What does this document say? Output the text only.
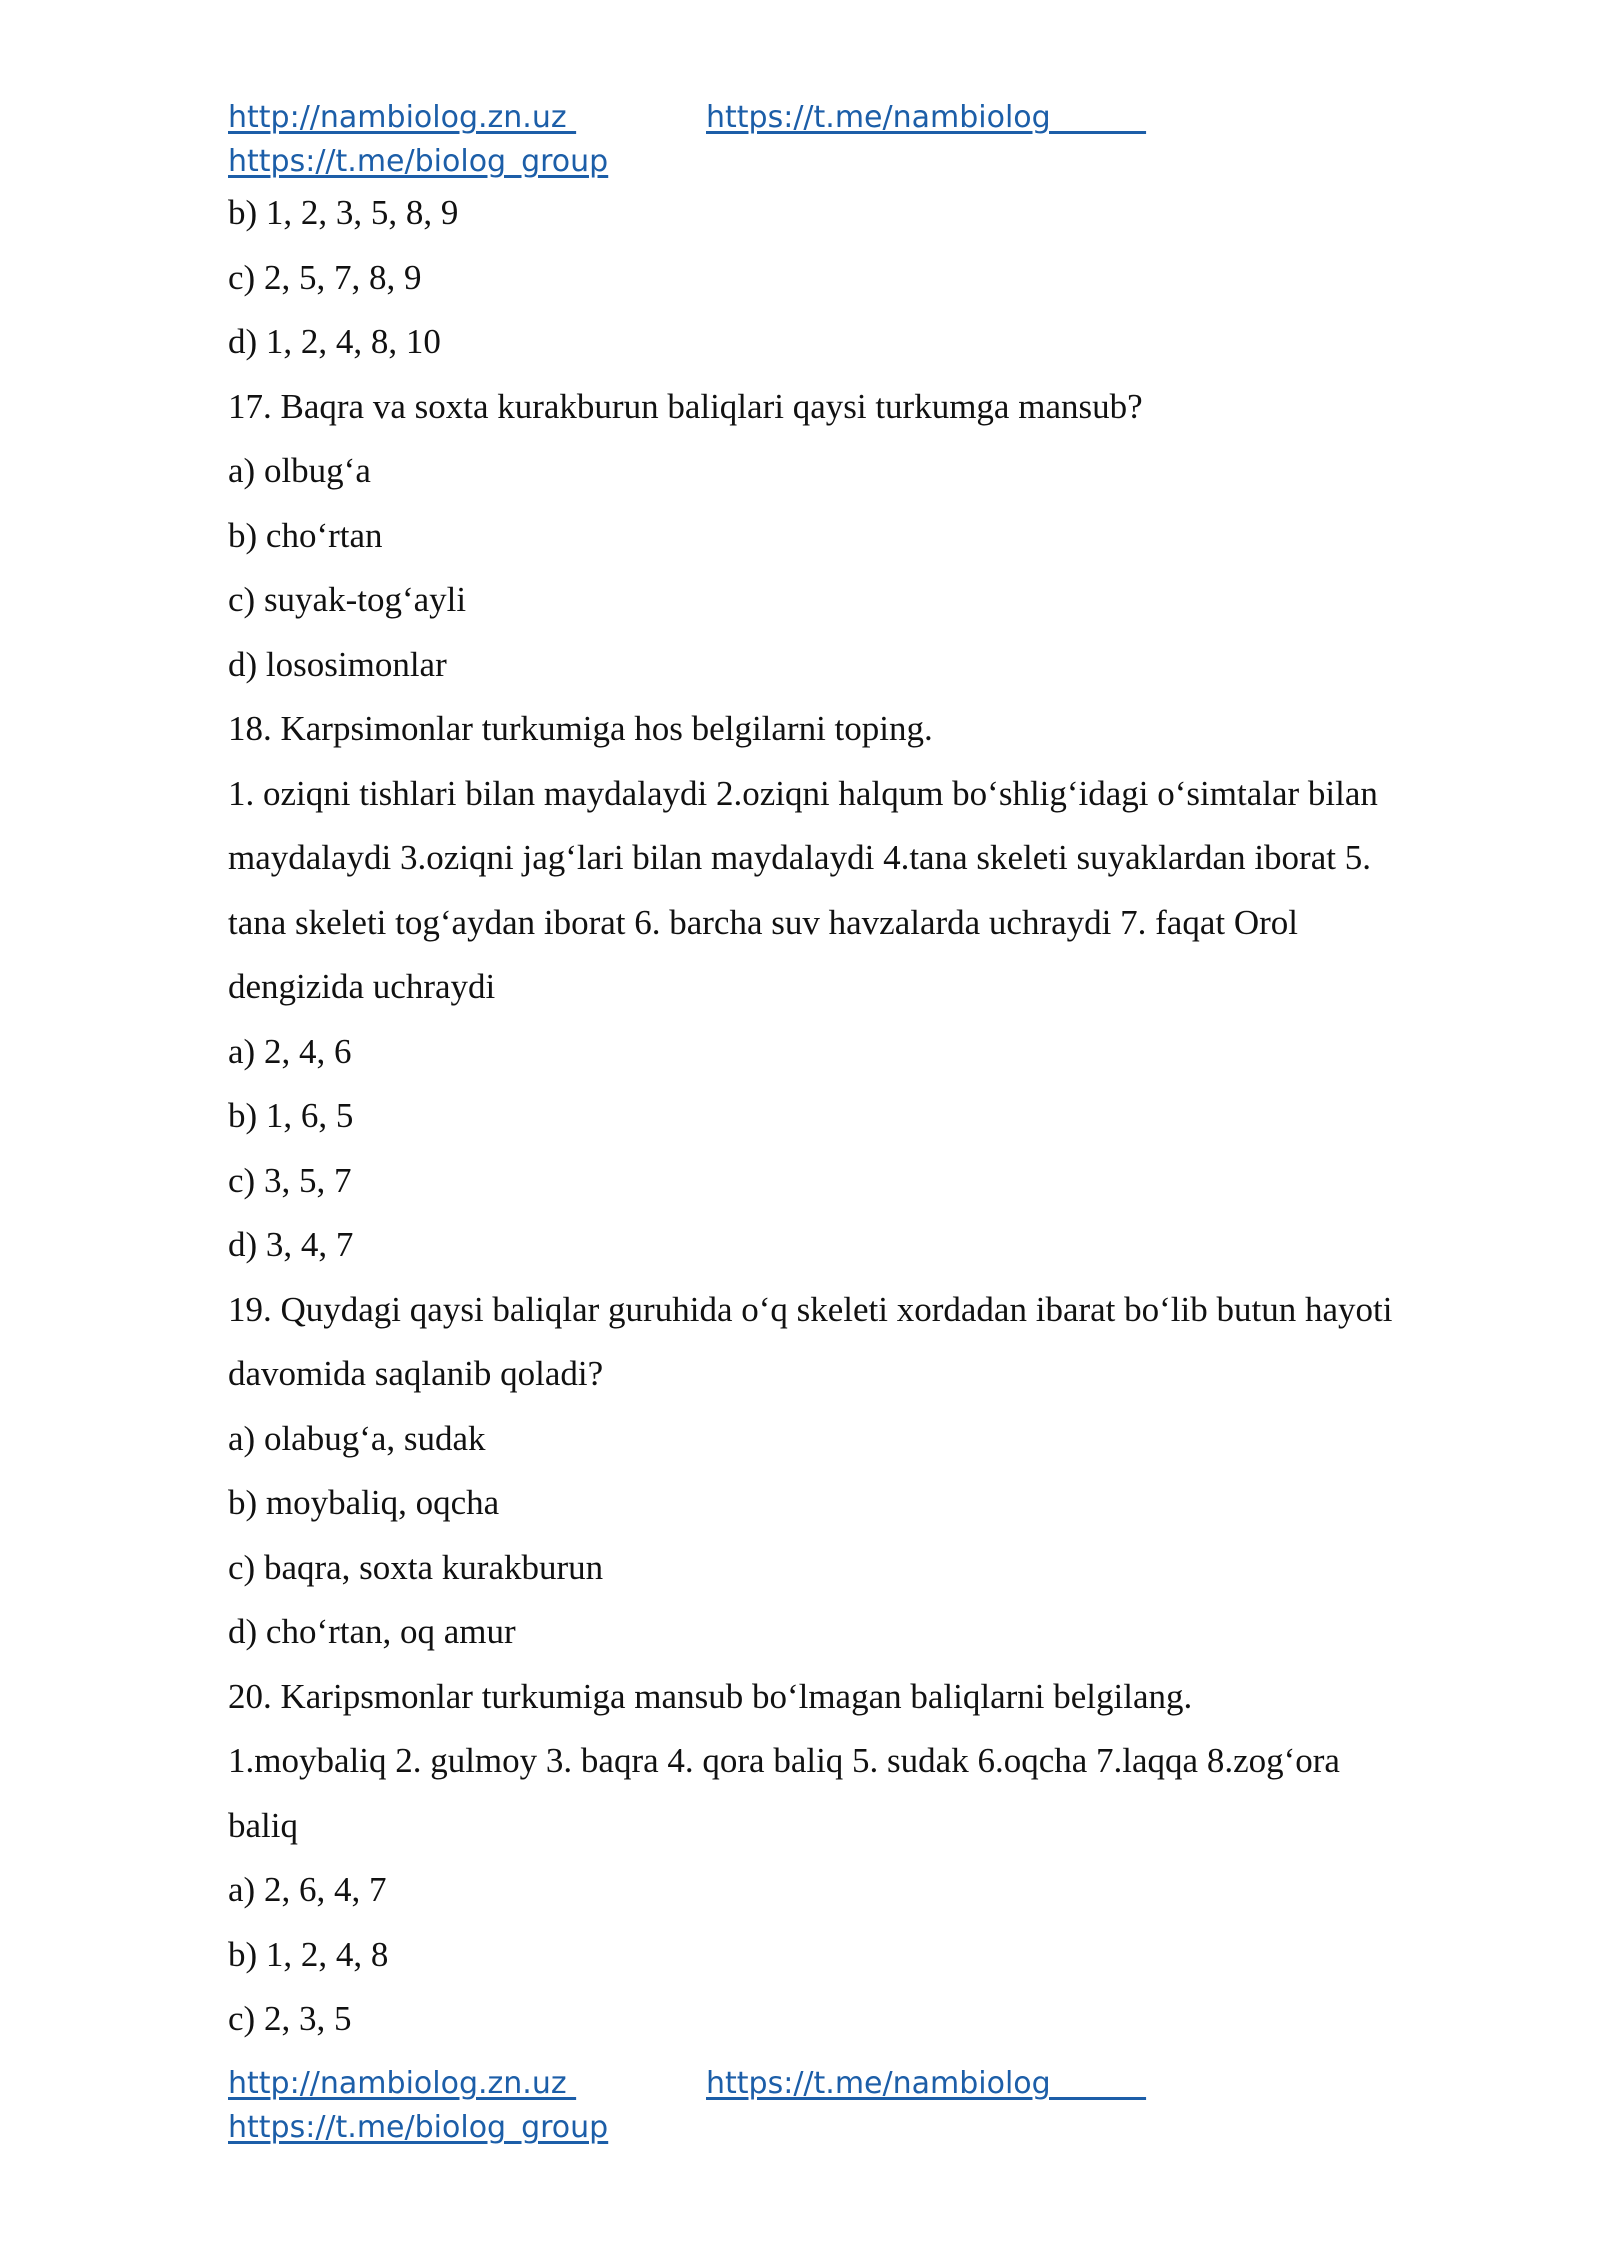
http://nambiolog.zn.uz	https://t.me/nambiolog
https://t.me/biolog_group

b) 1, 2, 3, 5, 8, 9

c) 2, 5, 7, 8, 9

d) 1, 2, 4, 8, 10

17. Baqra va soxta kurakburun baliqlari qaysi turkumga mansub?

a) olbug‘a

b) cho‘rtan

c) suyak-tog‘ayli

d) lososimonlar

18. Karpsimonlar turkumiga hos belgilarni toping.

1. oziqni tishlari bilan maydalaydi 2.oziqni halqum bo‘shlig‘idagi o‘simtalar bilan

maydalaydi 3.oziqni jag‘lari bilan maydalaydi 4.tana skeleti suyaklardan iborat 5.

tana skeleti tog‘aydan iborat 6. barcha suv havzalarda uchraydi 7. faqat Orol

dengizida uchraydi

a) 2, 4, 6

b) 1, 6, 5

c) 3, 5, 7

d) 3, 4, 7

19. Quydagi qaysi baliqlar guruhida o‘q skeleti xordadan ibarat bo‘lib butun hayoti

davomida saqlanib qoladi?

a) olabug‘a, sudak

b) moybaliq, oqcha

c) baqra, soxta kurakburun

d) cho‘rtan, oq amur

20. Karipsmonlar turkumiga mansub bo‘lmagan baliqlarni belgilang.

1.moybaliq 2. gulmoy 3. baqra 4. qora baliq 5. sudak 6.oqcha 7.laqqa 8.zog‘ora

baliq

a) 2, 6, 4, 7

b) 1, 2, 4, 8

c) 2, 3, 5

http://nambiolog.zn.uz	https://t.me/nambiolog
https://t.me/biolog_group
